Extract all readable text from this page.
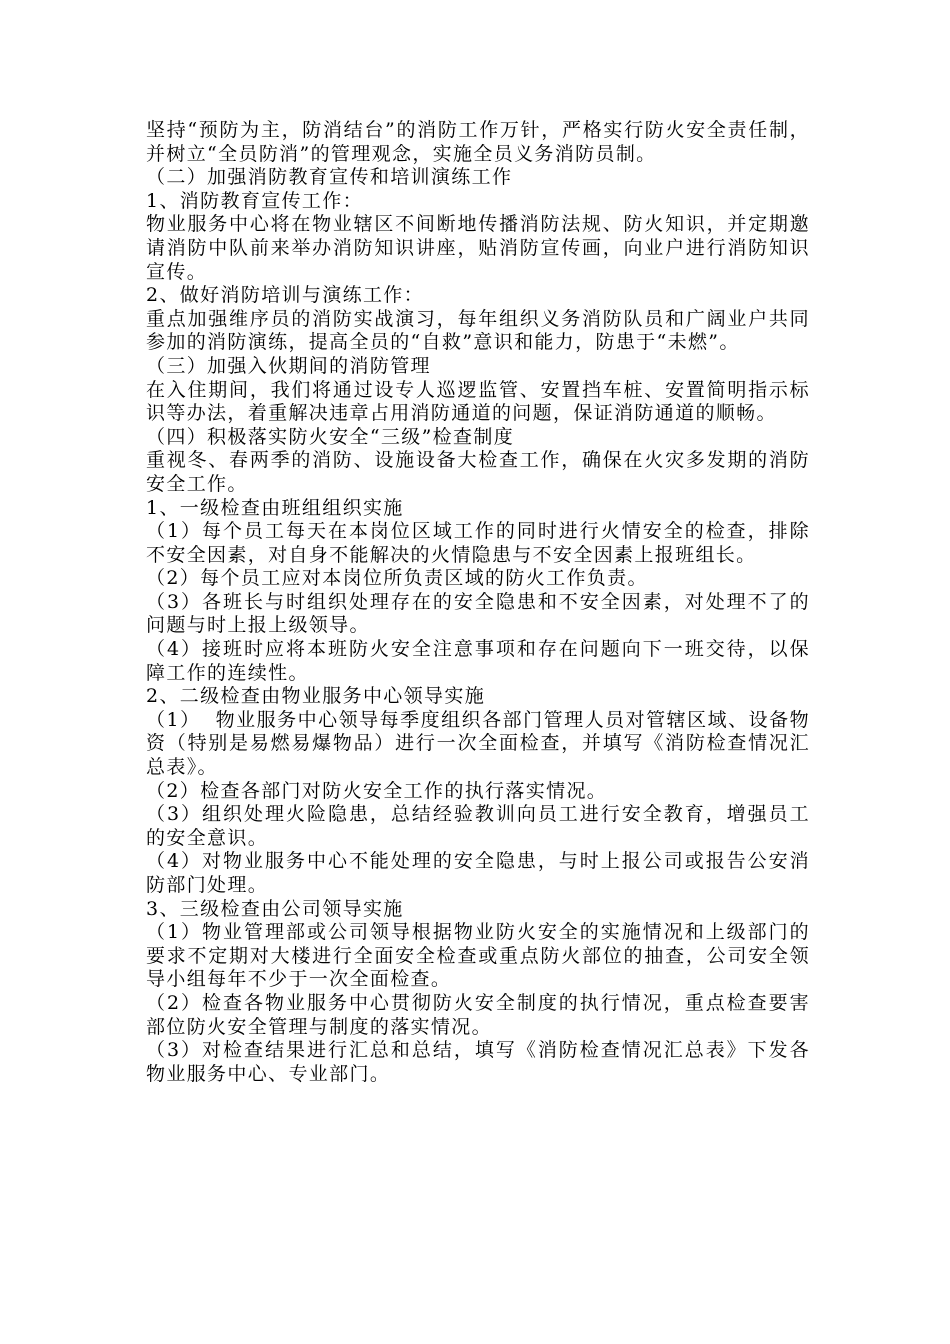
坚持“预防为主，防消结台”的消防工作万针，严格实行防火安全责任制，并树立“全员防消”的管理观念，实施全员义务消防员制。

（二）加强消防教育宣传和培训演练工作

1、消防教育宣传工作：

物业服务中心将在物业辖区不间断地传播消防法规、防火知识，并定期邀请消防中队前来举办消防知识讲座，贴消防宣传画，向业户进行消防知识宣传。

2、做好消防培训与演练工作：

重点加强维序员的消防实战演习，每年组织义务消防队员和广阔业户共同参加的消防演练，提高全员的“自救”意识和能力，防患于“未燃”。

（三）加强入伙期间的消防管理

在入住期间，我们将通过设专人巡逻监管、安置挡车桩、安置简明指示标识等办法，着重解决违章占用消防通道的问题，保证消防通道的顺畅。

（四）积极落实防火安全“三级”检查制度

重视冬、春两季的消防、设施设备大检查工作，确保在火灾多发期的消防安全工作。

1、一级检查由班组组织实施

（1）每个员工每天在本岗位区域工作的同时进行火情安全的检查，排除不安全因素，对自身不能解决的火情隐患与不安全因素上报班组长。

（2）每个员工应对本岗位所负责区域的防火工作负责。

（3）各班长与时组织处理存在的安全隐患和不安全因素，对处理不了的问题与时上报上级领导。

（4）接班时应将本班防火安全注意事项和存在问题向下一班交待，以保障工作的连续性。

2、二级检查由物业服务中心领导实施

（1）  物业服务中心领导每季度组织各部门管理人员对管辖区域、设备物资（特别是易燃易爆物品）进行一次全面检查，并填写《消防检查情况汇总表》。

（2）检查各部门对防火安全工作的执行落实情况。

（3）组织处理火险隐患，总结经验教训向员工进行安全教育，增强员工的安全意识。

（4）对物业服务中心不能处理的安全隐患，与时上报公司或报告公安消防部门处理。

3、三级检查由公司领导实施

（1）物业管理部或公司领导根据物业防火安全的实施情况和上级部门的要求不定期对大楼进行全面安全检查或重点防火部位的抽查，公司安全领导小组每年不少于一次全面检查。

（2）检查各物业服务中心贯彻防火安全制度的执行情况，重点检查要害部位防火安全管理与制度的落实情况。

（3）对检查结果进行汇总和总结，填写《消防检查情况汇总表》下发各物业服务中心、专业部门。
